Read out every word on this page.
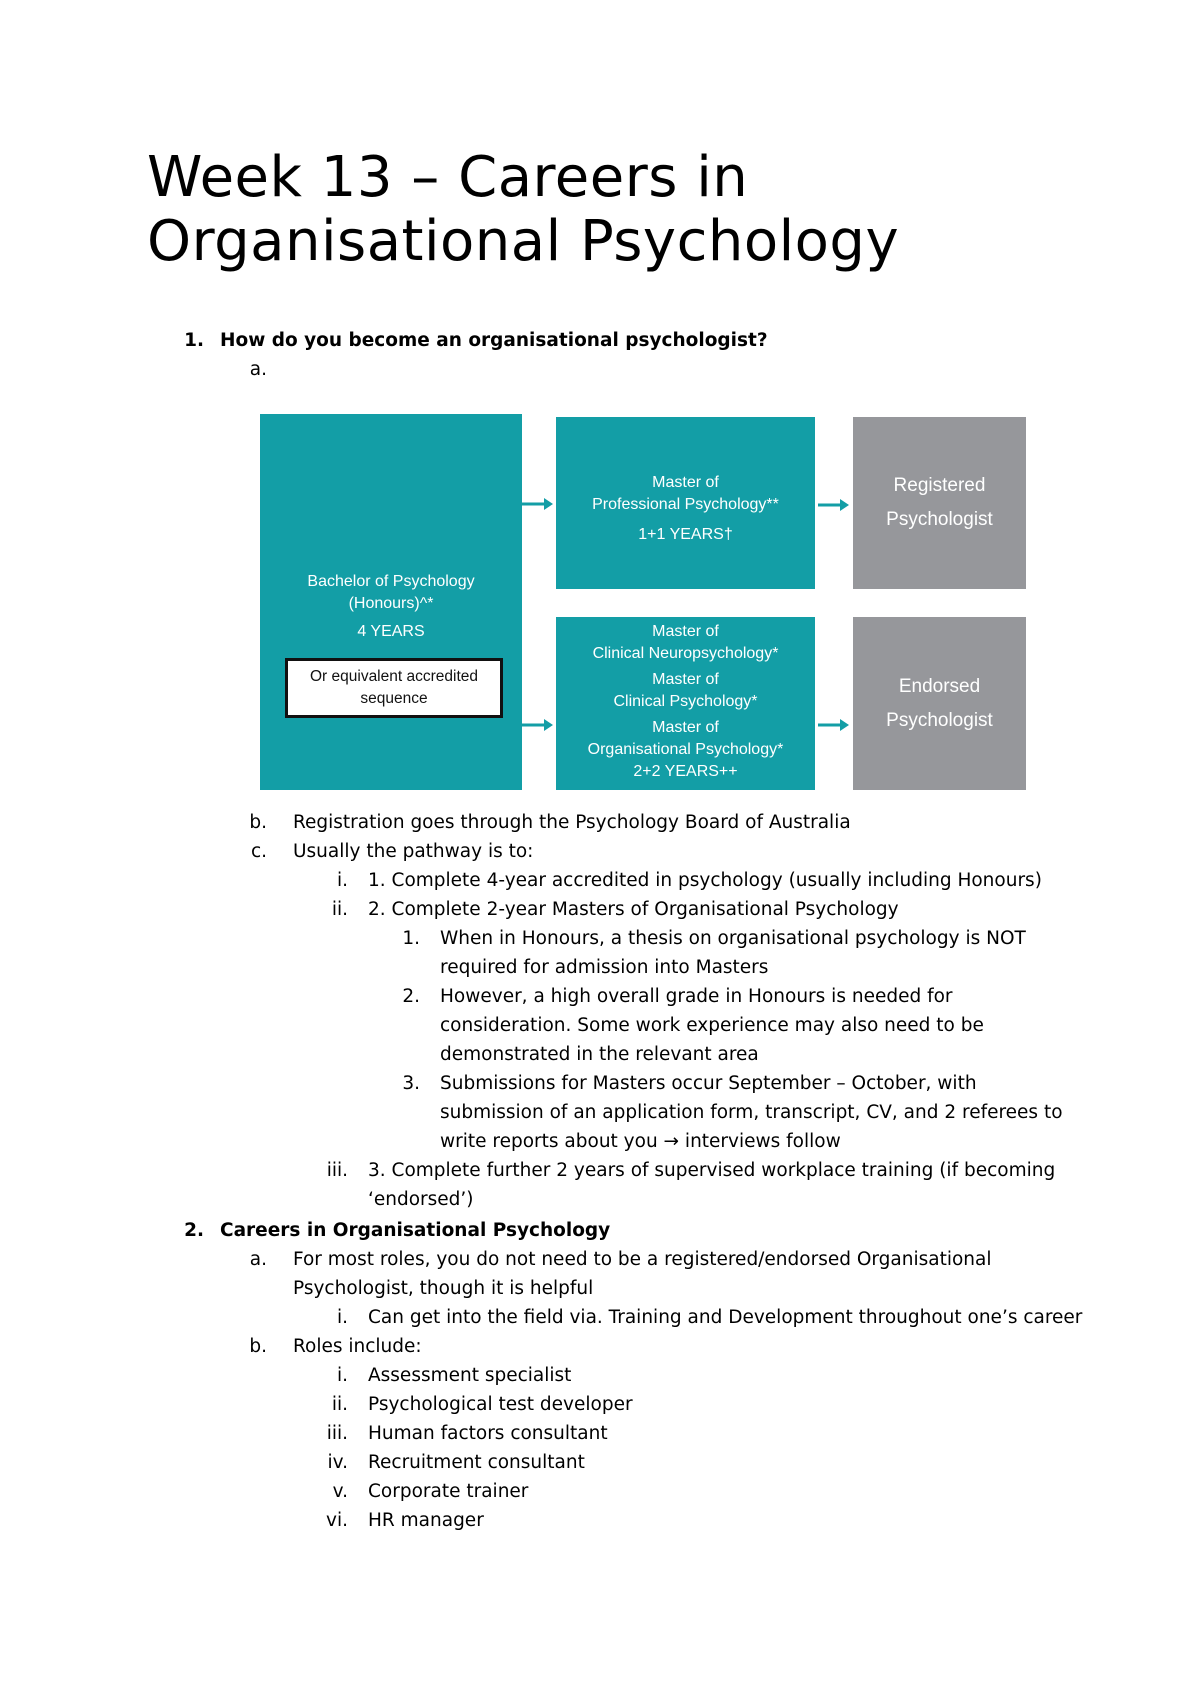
Week 13 – Careers in
Organisational Psychology
1. How do you become an organisational psychologist?
a.
Bachelor of Psychology
(Honours)^*
4 YEARS
Or equivalent accredited
sequence
Master of
Professional Psychology**
1+1 YEARS†
Master of
Clinical Neuropsychology*
Master of
Clinical Psychology*
Master of
Organisational Psychology*
2+2 YEARS++
Registered
Psychologist
Endorsed
Psychologist
b. Registration goes through the Psychology Board of Australia
c. Usually the pathway is to:
i. 1. Complete 4-year accredited in psychology (usually including Honours)
ii. 2. Complete 2-year Masters of Organisational Psychology
1. When in Honours, a thesis on organisational psychology is NOT
required for admission into Masters
2. However, a high overall grade in Honours is needed for
consideration. Some work experience may also need to be
demonstrated in the relevant area
3. Submissions for Masters occur September – October, with
submission of an application form, transcript, CV, and 2 referees to
write reports about you → interviews follow
iii. 3. Complete further 2 years of supervised workplace training (if becoming
‘endorsed’)
2. Careers in Organisational Psychology
a. For most roles, you do not need to be a registered/endorsed Organisational
Psychologist, though it is helpful
i. Can get into the field via. Training and Development throughout one’s career
b. Roles include:
i. Assessment specialist
ii. Psychological test developer
iii. Human factors consultant
iv. Recruitment consultant
v. Corporate trainer
vi. HR manager
